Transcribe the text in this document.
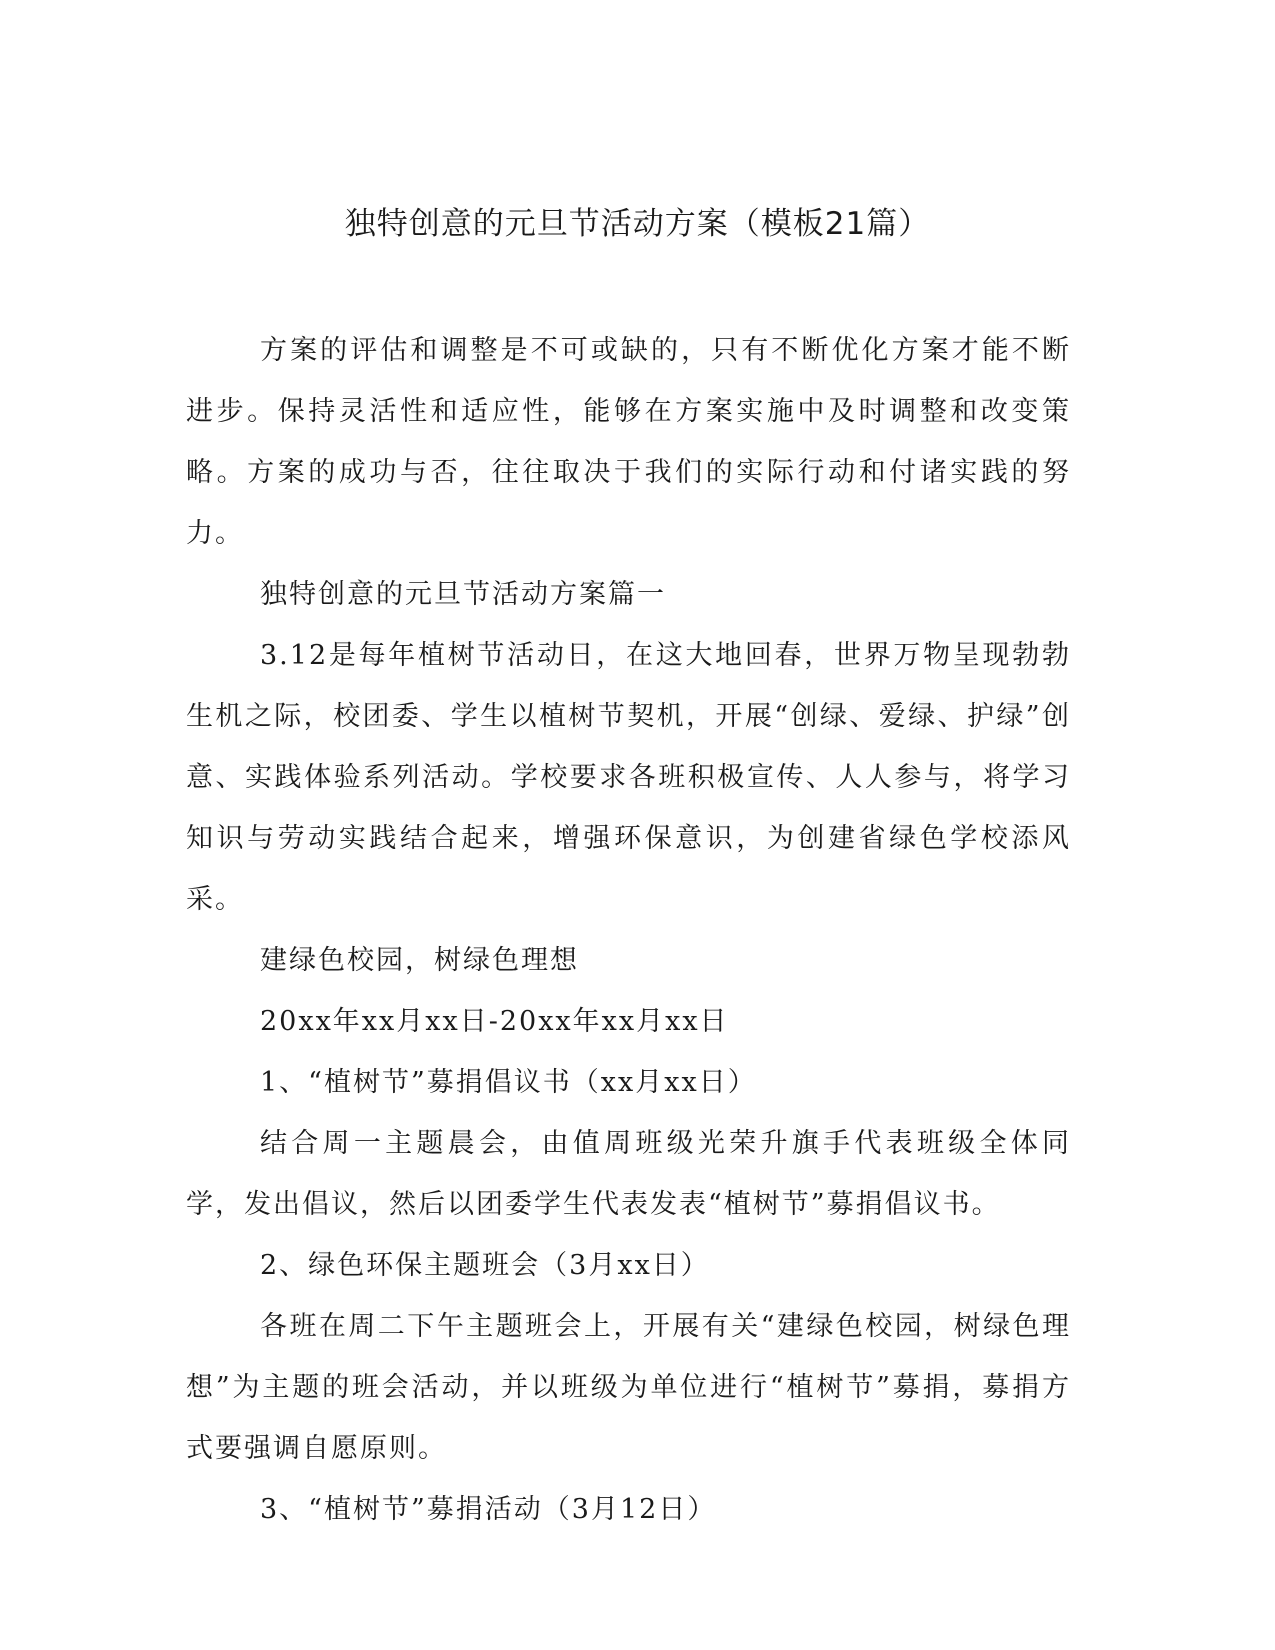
独特创意的元旦节活动方案（模板21篇）

方案的评估和调整是不可或缺的，只有不断优化方案才能不断进步。保持灵活性和适应性，能够在方案实施中及时调整和改变策略。方案的成功与否，往往取决于我们的实际行动和付诸实践的努力。

独特创意的元旦节活动方案篇一

3.12是每年植树节活动日，在这大地回春，世界万物呈现勃勃生机之际，校团委、学生以植树节契机，开展“创绿、爱绿、护绿”创意、实践体验系列活动。学校要求各班积极宣传、人人参与，将学习知识与劳动实践结合起来，增强环保意识，为创建省绿色学校添风采。

建绿色校园，树绿色理想

20xx年xx月xx日-20xx年xx月xx日

1、“植树节”募捐倡议书（xx月xx日）

结合周一主题晨会，由值周班级光荣升旗手代表班级全体同学，发出倡议，然后以团委学生代表发表“植树节”募捐倡议书。

2、绿色环保主题班会（3月xx日）

各班在周二下午主题班会上，开展有关“建绿色校园，树绿色理想”为主题的班会活动，并以班级为单位进行“植树节”募捐，募捐方式要强调自愿原则。

3、“植树节”募捐活动（3月12日）
